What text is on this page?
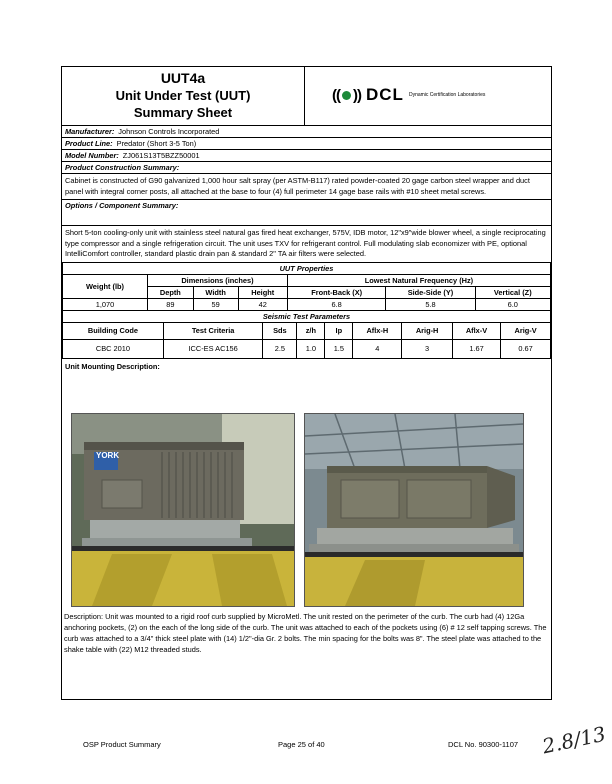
UUT4a
Unit Under Test (UUT)
Summary Sheet
(( )) DCL Dynamic Certification Laboratories
Manufacturer: Johnson Controls Incorporated
Product Line: Predator (Short 3-5 Ton)
Model Number: ZJ061S13T5BZZ50001
Product Construction Summary:
Cabinet is constructed of G90 galvanized 1,000 hour salt spray (per ASTM-B117) rated powder-coated 20 gage carbon steel wrapper and duct panel with integral corner posts, all attached at the base to four (4) full perimeter 14 gage base rails with #10 sheet metal screws.
Options / Component Summary:
Short 5-ton cooling-only unit with stainless steel natural gas fired heat exchanger, 575V, IDB motor, 12"x9"wide blower wheel, a single reciprocating type compressor and a single refrigeration circuit. The unit uses TXV for refrigerant control. Full modulating slab economizer with PE, optional IntelliComfort controller, standard plastic drain pan & standard 2" TA air filters were selected.
UUT Properties						
Weight (lb)	Dimensions (inches)			Lowest Natural Frequency (Hz)		
	Depth	Width	Height	Front-Back (X)	Side-Side (Y)	Vertical (Z)
1,070	89	59	42	6.8	5.8	6.0
Seismic Test Parameters								
Building Code	Test Criteria	Sds	z/h	Ip	Aflx-H	Arig-H	Aflx-V	Arig-V
CBC 2010	ICC-ES AC156	2.5	1.0	1.5	4	3	1.67	0.67
Unit Mounting Description:
YORK
Description: Unit was mounted to a rigid roof curb supplied by MicroMetl. The unit rested on the perimeter of the curb. The curb had (4) 12Ga anchoring pockets, (2) on the each of the long side of the curb. The unit was attached to each of the pockets using (6) # 12 self tapping screws. The curb was attached to a 3/4" thick steel plate with (14) 1/2"-dia Gr. 2 bolts. The min spacing for the bolts was 8". The steel plate was attached to the shake table with (22) M12 threaded studs.
OSP Product Summary	Page 25 of 40	DCL No. 90300-1107 2.8/13
